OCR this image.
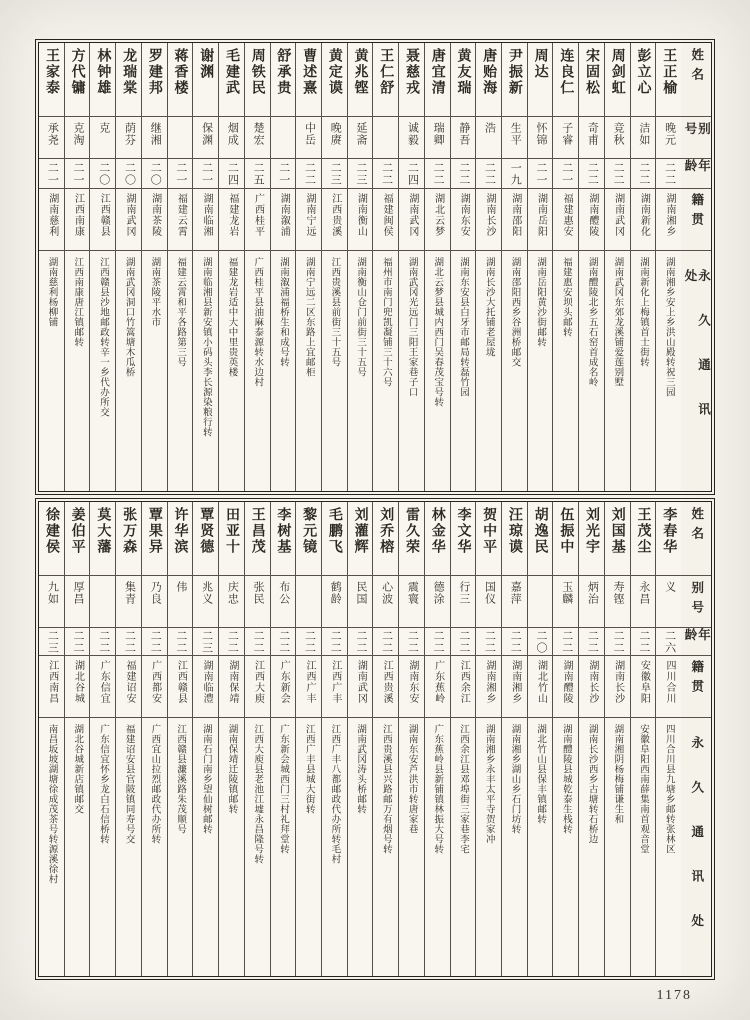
姓名
别号
年龄
籍贯
永久通讯处
王正榆
晚元
二二
湖南湘乡
湖南湘乡安上乡洪山殿转祝三园
彭立心
洁如
二二
湖南新化
湖南新化上梅镇首士街转
周剑虹
竞秋
二二
湖南武冈
湖南武冈东郊龙溪铺爱莲别墅
宋固松
奇甫
二二
湖南醴陵
湖南醴陵北乡五石窑首成名岭
连良仁
子睿
二一
福建惠安
福建惠安坝头邮转
周达
怀锦
二一
湖南岳阳
湖南岳阳黄沙街邮转
尹振新
生平
一九
湖南邵阳
湖南邵阳西乡谷洲桥邮交
唐贻海
浩
二二
湖南长沙
湖南长沙大托铺老屋垅
黄友瑞
静吾
二二
湖南东安
湖南东安县白牙市邮局转磊竹园
唐宜清
瑞卿
二二
湖北云梦
湖北云梦县城内西门吴春茂宝号转
聂慈戎
诚毅
二四
湖南武冈
湖南武冈光远门三阳王家巷子口
王仁舒
二二
福建闽侯
福州市南门兜凯凝铺三十六号
黄兆铿
延斋
二三
湖南衡山
湖南衡山仓门前街三十五号
黄定谟
晚赓
二三
江西贵溪
江西贵溪县前街三十五号
曹述熹
中岳
二二
湖南宁远
湖南宁远二区东路上宜邮柜
舒承贵
二一
湖南溆浦
湖南溆浦福桥生和成号转
周铁民
楚宏
二五
广西桂平
广西桂平县油麻泰源转水边村
毛建武
烟成
二四
福建龙岩
福建龙岩适中大中里贵英楼
谢渊
保渊
二一
湖南临湘
湖南临湘县新安镇小码头李长源染粮行转
蒋香楼
二一
福建云霄
福建云霄和平各路第三号
罗建邦
继湘
二〇
湖南茶陵
湖南茶陵平水市
龙瑞棠
荫芬
二〇
湖南武冈
湖南武冈洞口竹篙塘木瓜桥
林钟雄
克
二〇
江西赣县
江西赣县沙地邮政转辛一乡代办所交
方代镛
克淘
二一
江西南康
江西南康唐江镇邮转
王家泰
承尧
二一
湖南慈利
湖南慈利杨柳铺
姓名
别号
年龄
籍贯
永久通讯处
李春华
义
二六
四川合川
四川合川县九塘乡邮转张林区
王茂尘
永昌
二二
安徽阜阳
安徽阜阳西南薛集南首观音堂
刘国基
寿铿
二二
湖南长沙
湖南湘阴杨梅铺谦生和
刘光宇
炳治
二二
湖南长沙
湖南长沙西乡古塘转石桥边
伍振中
玉麟
二二
湖南醴陵
湖南醴陵县城乾泰生栈转
胡逸民
二〇
湖北竹山
湖北竹山县保丰镇邮转
汪琼谟
嘉萍
二二
湖南湘乡
湖南湘乡湖山乡石门坊转
贺中平
国仪
二二
湖南湘乡
湖南湘乡永丰太平寺贺家冲
李文华
行三
二二
江西余江
江西余江县邓埠街三家巷李宅
林金华
德涂
二二
广东蕉岭
广东蕉岭县新铺镇林振大号转
雷久荣
震寰
二二
湖南东安
湖南东安芦洪市转唐家巷
刘乔榕
心波
二二
江西贵溪
江西贵溪县兴路邮万有烟号转
刘灌辉
民国
二二
湖南武冈
湖南武冈涛头桥邮转
毛鹏飞
鹤龄
二二
江西广丰
江西广丰八都邮政代办所转毛村
黎元镜
二二
江西广丰
江西广丰县城大街转
李树基
布公
二二
广东新会
广东新会城西门三村礼拜堂转
王昌茂
张民
二二
江西大庾
江西大庾县老池江墟永昌隆号转
田亚十
庆忠
二二
湖南保靖
湖南保靖迁陵镇邮转
覃贤德
兆义
二三
湖南临澧
湖南石门南乡望仙树邮转
许华滨
伟
二二
江西赣县
江西赣县濂溪路朱茂顺号
覃果异
乃良
二二
广西都安
广西宜山拉烈邮政代办所转
张万森
集青
二二
福建诏安
福建诏安县官陂镇同寿号交
莫大藩
二二
广东信宜
广东信宜怀乡龙白石信桥转
姜伯平
厚昌
二二
湖北谷城
湖北谷城新店镇邮交
徐建侯
九如
二三
江西南昌
南昌坂坡湖塘徐成茂茶号转源溪徐村
1178
